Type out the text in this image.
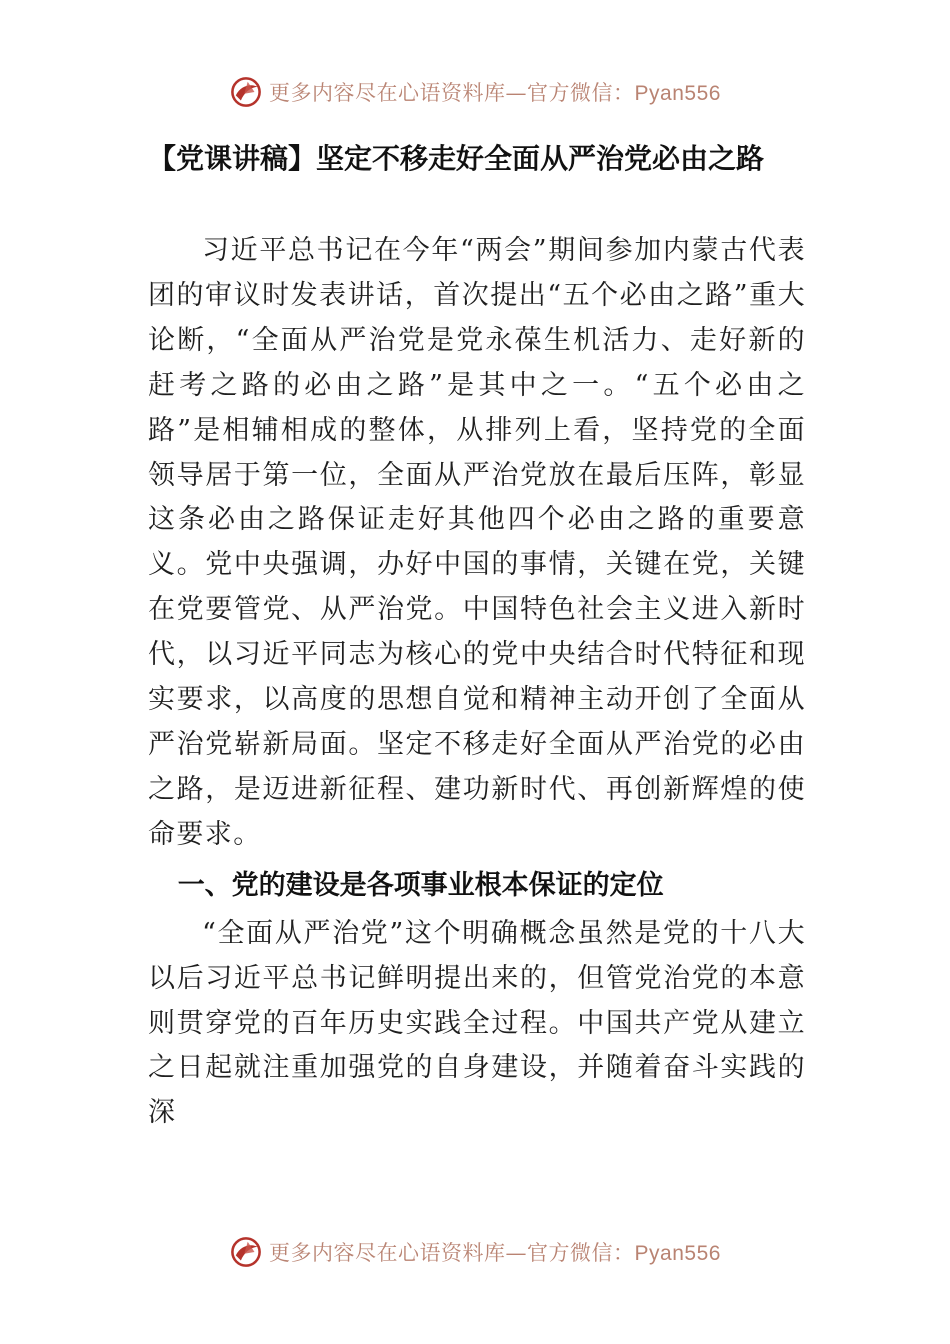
更多内容尽在心语资料库—官方微信：Pyan556
【党课讲稿】坚定不移走好全面从严治党必由之路

习近平总书记在今年“两会”期间参加内蒙古代表团的审议时发表讲话，首次提出“五个必由之路”重大论断，“全面从严治党是党永葆生机活力、走好新的赶考之路的必由之路”是其中之一。“五个必由之路”是相辅相成的整体，从排列上看，坚持党的全面领导居于第一位，全面从严治党放在最后压阵，彰显这条必由之路保证走好其他四个必由之路的重要意义。党中央强调，办好中国的事情，关键在党，关键在党要管党、从严治党。中国特色社会主义进入新时代，以习近平同志为核心的党中央结合时代特征和现实要求，以高度的思想自觉和精神主动开创了全面从严治党崭新局面。坚定不移走好全面从严治党的必由之路，是迈进新征程、建功新时代、再创新辉煌的使命要求。

一、党的建设是各项事业根本保证的定位

“全面从严治党”这个明确概念虽然是党的十八大以后习近平总书记鲜明提出来的，但管党治党的本意则贯穿党的百年历史实践全过程。中国共产党从建立之日起就注重加强党的自身建设，并随着奋斗实践的深

更多内容尽在心语资料库—官方微信：Pyan556
